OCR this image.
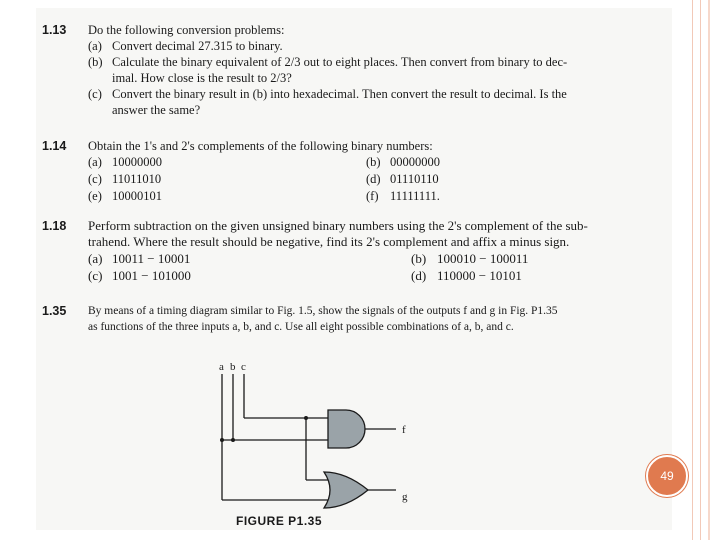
1.13 Do the following conversion problems:
(a) Convert decimal 27.315 to binary.
(b) Calculate the binary equivalent of 2/3 out to eight places. Then convert from binary to dec-
imal. How close is the result to 2/3?
(c) Convert the binary result in (b) into hexadecimal. Then convert the result to decimal. Is the
answer the same?
1.14 Obtain the 1's and 2's complements of the following binary numbers:
(a) 10000000	(b) 00000000
(c) 11011010	(d) 01110110
(e) 10000101	(f) 11111111.
1.18 Perform subtraction on the given unsigned binary numbers using the 2's complement of the sub-
trahend. Where the result should be negative, find its 2's complement and affix a minus sign.
(a) 10011 − 10001	(b) 100010 − 100011
(c) 1001 − 101000	(d) 110000 − 10101
1.35 By means of a timing diagram similar to Fig. 1.5, show the signals of the outputs f and g in Fig. P1.35
as functions of the three inputs a, b, and c. Use all eight possible combinations of a, b, and c.
a b c
f
g
FIGURE P1.35
49
